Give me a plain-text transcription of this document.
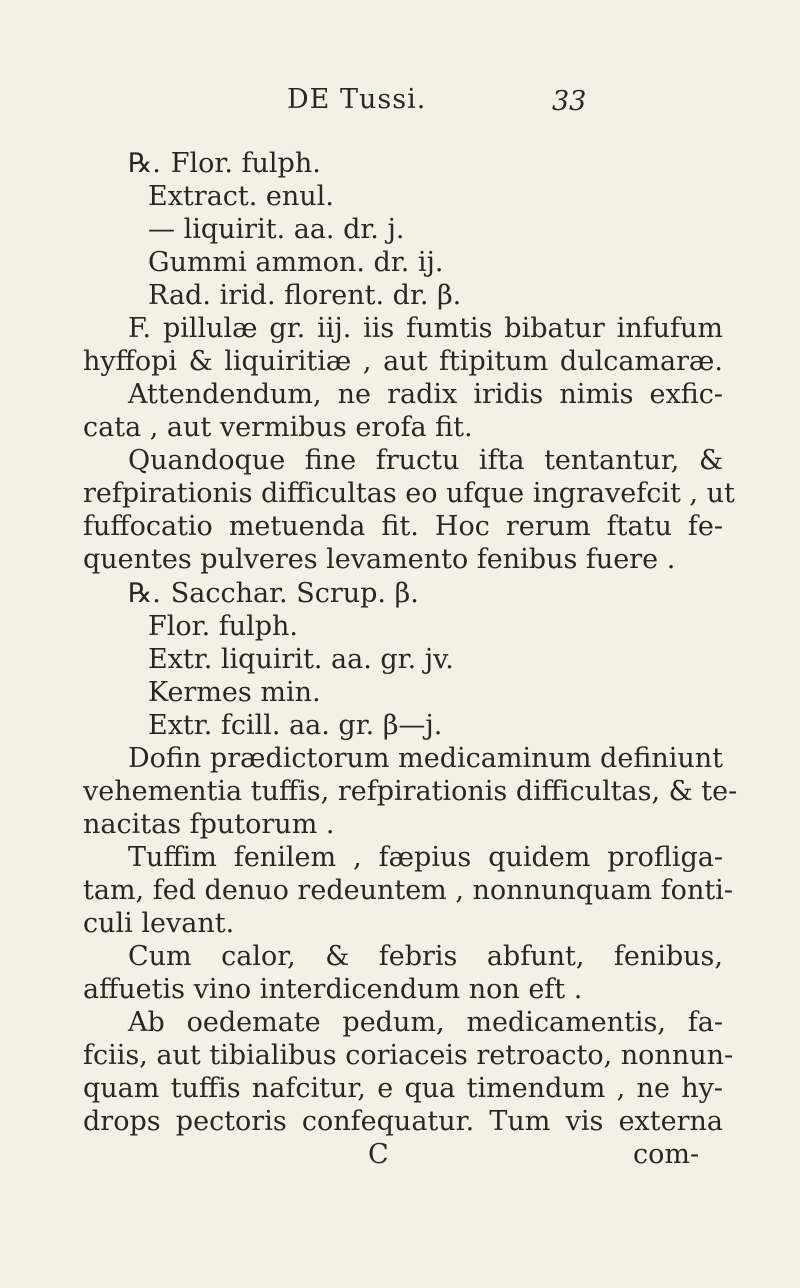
DE Tussi.	33
℞. Flor. fulph.
Extract. enul.
— liquirit. aa. dr. j.
Gummi ammon. dr. ij.
Rad. irid. florent. dr. β.
F. pillulæ gr. iij. iis fumtis bibatur infufum
hyffopi & liquiritiæ , aut ftipitum dulcamaræ.
Attendendum, ne radix iridis nimis exfic-
cata , aut vermibus erofa fit.
Quandoque fine fructu ifta tentantur, &
refpirationis difficultas eo ufque ingravefcit , ut
fuffocatio metuenda fit. Hoc rerum ftatu fe-
quentes pulveres levamento fenibus fuere .
℞. Sacchar. Scrup. β.
Flor. fulph.
Extr. liquirit. aa. gr. jv.
Kermes min.
Extr. fcill. aa. gr. β—j.
Dofin prædictorum medicaminum definiunt
vehementia tuffis, refpirationis difficultas, & te-
nacitas fputorum .
Tuffim fenilem , fæpius quidem profliga-
tam, fed denuo redeuntem , nonnunquam fonti-
culi levant.
Cum calor, & febris abfunt, fenibus,
affuetis vino interdicendum non eft .
Ab oedemate pedum, medicamentis, fa-
fciis, aut tibialibus coriaceis retroacto, nonnun-
quam tuffis nafcitur, e qua timendum , ne hy-
drops pectoris confequatur. Tum vis externa
C	com-
